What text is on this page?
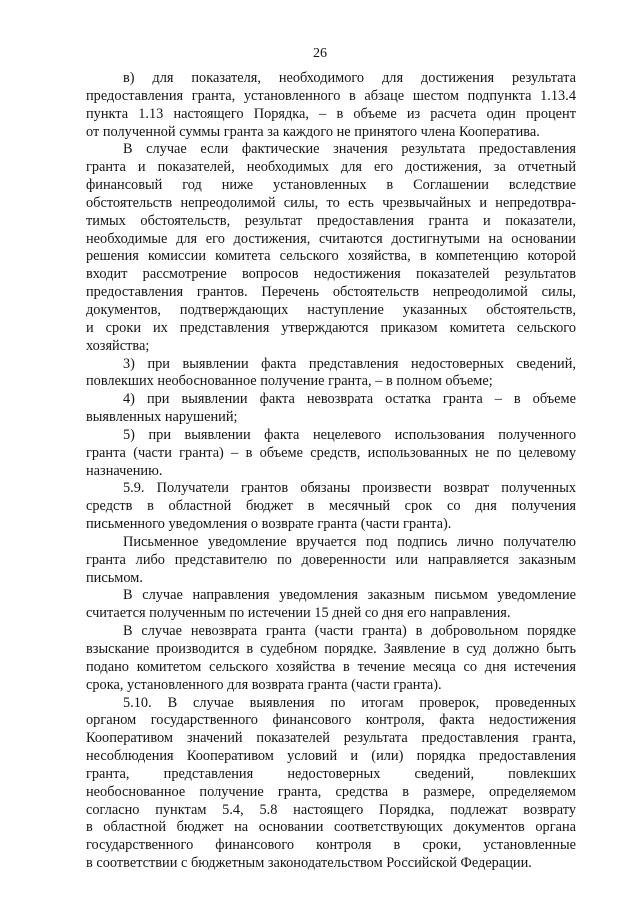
26
в) для показателя, необходимого для достижения результата
предоставления гранта, установленного в абзаце шестом подпункта 1.13.4
пункта 1.13 настоящего Порядка, – в объеме из расчета один процент
от полученной суммы гранта за каждого не принятого члена Кооператива.
В случае если фактические значения результата предоставления
гранта и показателей, необходимых для его достижения, за отчетный
финансовый год ниже установленных в Соглашении вследствие
обстоятельств непреодолимой силы, то есть чрезвычайных и непредотвра-
тимых обстоятельств, результат предоставления гранта и показатели,
необходимые для его достижения, считаются достигнутыми на основании
решения комиссии комитета сельского хозяйства, в компетенцию которой
входит рассмотрение вопросов недостижения показателей результатов
предоставления грантов. Перечень обстоятельств непреодолимой силы,
документов, подтверждающих наступление указанных обстоятельств,
и сроки их представления утверждаются приказом комитета сельского
хозяйства;
3) при выявлении факта представления недостоверных сведений,
повлекших необоснованное получение гранта, – в полном объеме;
4) при выявлении факта невозврата остатка гранта – в объеме
выявленных нарушений;
5) при выявлении факта нецелевого использования полученного
гранта (части гранта) – в объеме средств, использованных не по целевому
назначению.
5.9. Получатели грантов обязаны произвести возврат полученных
средств в областной бюджет в месячный срок со дня получения
письменного уведомления о возврате гранта (части гранта).
Письменное уведомление вручается под подпись лично получателю
гранта либо представителю по доверенности или направляется заказным
письмом.
В случае направления уведомления заказным письмом уведомление
считается полученным по истечении 15 дней со дня его направления.
В случае невозврата гранта (части гранта) в добровольном порядке
взыскание производится в судебном порядке. Заявление в суд должно быть
подано комитетом сельского хозяйства в течение месяца со дня истечения
срока, установленного для возврата гранта (части гранта).
5.10. В случае выявления по итогам проверок, проведенных
органом государственного финансового контроля, факта недостижения
Кооперативом значений показателей результата предоставления гранта,
несоблюдения Кооперативом условий и (или) порядка предоставления
гранта, представления недостоверных сведений, повлекших
необоснованное получение гранта, средства в размере, определяемом
согласно пунктам 5.4, 5.8 настоящего Порядка, подлежат возврату
в областной бюджет на основании соответствующих документов органа
государственного финансового контроля в сроки, установленные
в соответствии с бюджетным законодательством Российской Федерации.
